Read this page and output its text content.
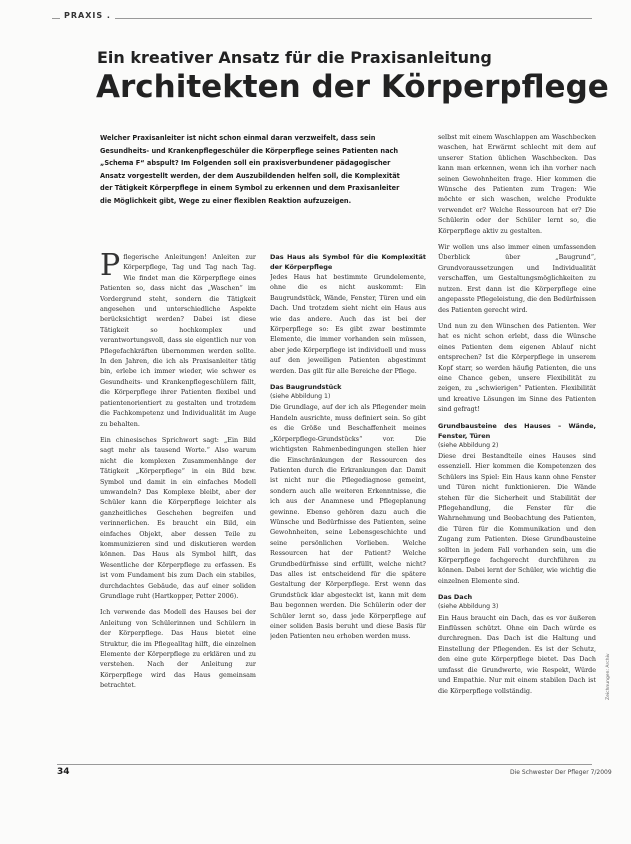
PRAXIS .
Ein kreativer Ansatz für die Praxisanleitung
Architekten der Körperpflege
Welcher Praxisanleiter ist nicht schon einmal daran verzweifelt, dass sein Gesundheits- und Krankenpflegeschüler die Körperpflege seines Patienten nach „Schema F“ abspult? Im Folgenden soll ein praxisverbundener pädagogischer Ansatz vorgestellt werden, der dem Auszubildenden helfen soll, die Komplexität der Tätigkeit Körperpflege in einem Symbol zu erkennen und dem Praxisanleiter die Möglichkeit gibt, Wege zu einer flexiblen Reaktion aufzuzeigen.

Pflegerische Anleitungen! Anleiten zur Körperpflege, Tag und Tag nach Tag. Wie findet man die Körperpflege eines Patienten so, dass nicht das „Waschen“ im Vordergrund steht, sondern die Tätigkeit angesehen und unterschiedliche Aspekte berücksichtigt werden? Dabei ist diese Tätigkeit so hochkomplex und verantwortungsvoll, dass sie eigentlich nur von Pflegefachkräften übernommen werden sollte. In den Jahren, die ich als Praxisanleiter tätig bin, erlebe ich immer wieder, wie schwer es Gesundheits- und Krankenpflegeschülern fällt, die Körperpflege ihrer Patienten flexibel und patientenorientiert zu gestalten und trotzdem die Fachkompetenz und Individualität im Auge zu behalten.

Ein chinesisches Sprichwort sagt: „Ein Bild sagt mehr als tausend Worte.“ Also warum nicht die komplexen Zusammenhänge der Tätigkeit „Körperpflege“ in ein Bild bzw. Symbol und damit in ein einfaches Modell umwandeln? Das Komplexe bleibt, aber der Schüler kann die Körperpflege leichter als ganzheitliches Geschehen begreifen und verinnerlichen. Es braucht ein Bild, ein einfaches Objekt, aber dessen Teile zu kommunizieren sind und diskutieren werden können. Das Haus als Symbol hilft, das Wesentliche der Körperpflege zu erfassen. Es ist vom Fundament bis zum Dach ein stabiles, durchdachtes Gebäude, das auf einer soliden Grundlage ruht (Hartkopper, Petter 2006).

Ich verwende das Modell des Hauses bei der Anleitung von Schülerinnen und Schülern in der Körperpflege. Das Haus bietet eine Struktur, die im Pflegealltag hilft, die einzelnen Elemente der Körperpflege zu erklären und zu verstehen. Nach der Anleitung zur Körperpflege wird das Haus gemeinsam betrachtet.

Das Haus als Symbol für die Komplexität der Körperpflege

Jedes Haus hat bestimmte Grundelemente, ohne die es nicht auskommt: Ein Baugrundstück, Wände, Fenster, Türen und ein Dach. Und trotzdem sieht nicht ein Haus aus wie das andere. Auch das ist bei der Körperpflege so: Es gibt zwar bestimmte Elemente, die immer vorhanden sein müssen, aber jede Körperpflege ist individuell und muss auf den jeweiligen Patienten abgestimmt werden. Das gilt für alle Bereiche der Pflege.

Das Baugrundstück
(siehe Abbildung 1)

Die Grundlage, auf der ich als Pflegender mein Handeln ausrichte, muss definiert sein. So gibt es die Größe und Beschaffenheit meines „Körperpflege-Grundstücks“ vor. Die wichtigsten Rahmenbedingungen stellen hier die Einschränkungen der Ressourcen des Patienten durch die Erkrankungen dar. Damit ist nicht nur die Pflegediagnose gemeint, sondern auch alle weiteren Erkenntnisse, die ich aus der Anamnese und Pflegeplanung gewinne. Ebenso gehören dazu auch die Wünsche und Bedürfnisse des Patienten, seine Gewohnheiten, seine Lebensgeschichte und seine persönlichen Vorlieben. Welche Ressourcen hat der Patient? Welche Grundbedürfnisse sind erfüllt, welche nicht? Das alles ist entscheidend für die spätere Gestaltung der Körperpflege. Erst wenn das Grundstück klar abgesteckt ist, kann mit dem Bau begonnen werden. Die Schülerin oder der Schüler lernt so, dass jede Körperpflege auf einer soliden Basis beruht und diese Basis für jeden Patienten neu erhoben werden muss.

selbst mit einem Waschlappen am Waschbecken waschen, hat Erwärmt schlecht mit dem auf unserer Station üblichen Waschbecken. Das kann man erkennen, wenn ich ihn vorher nach seinen Gewohnheiten frage. Hier kommen die Wünsche des Patienten zum Tragen: Wie möchte er sich waschen, welche Produkte verwendet er? Welche Ressourcen hat er? Die Schülerin oder der Schüler lernt so, die Körperpflege aktiv zu gestalten.

Wir wollen uns also immer einen umfassenden Überblick über „Baugrund“, Grundvoraussetzungen und Individualität verschaffen, um Gestaltungsmöglichkeiten zu nutzen. Erst dann ist die Körperpflege eine angepasste Pflegeleistung, die den Bedürfnissen des Patienten gerecht wird.

Und nun zu den Wünschen des Patienten. Wer hat es nicht schon erlebt, dass die Wünsche eines Patienten dem eigenen Ablauf nicht entsprechen? Ist die Körperpflege in unserem Kopf starr, so werden häufig Patienten, die uns eine Chance geben, unsere Flexibilität zu zeigen, zu „schwierigen“ Patienten. Flexibilität und kreative Lösungen im Sinne des Patienten sind gefragt!

Grundbausteine des Hauses – Wände, Fenster, Türen
(siehe Abbildung 2)

Diese drei Bestandteile eines Hauses sind essenziell. Hier kommen die Kompetenzen des Schülers ins Spiel: Ein Haus kann ohne Fenster und Türen nicht funktionieren. Die Wände stehen für die Sicherheit und Stabilität der Pflegehandlung, die Fenster für die Wahrnehmung und Beobachtung des Patienten, die Türen für die Kommunikation und den Zugang zum Patienten. Diese Grundbausteine sollten in jedem Fall vorhanden sein, um die Körperpflege fachgerecht durchführen zu können. Dabei lernt der Schüler, wie wichtig die einzelnen Elemente sind.

Das Dach
(siehe Abbildung 3)

Ein Haus braucht ein Dach, das es vor äußeren Einflüssen schützt. Ohne ein Dach würde es durchregnen. Das Dach ist die Haltung und Einstellung der Pflegenden. Es ist der Schutz, den eine gute Körperpflege bietet. Das Dach umfasst die Grundwerte, wie Respekt, Würde und Empathie. Nur mit einem stabilen Dach ist die Körperpflege vollständig.	Zeichnungen: Archiv
34	Die Schwester Der Pfleger 7/2009
